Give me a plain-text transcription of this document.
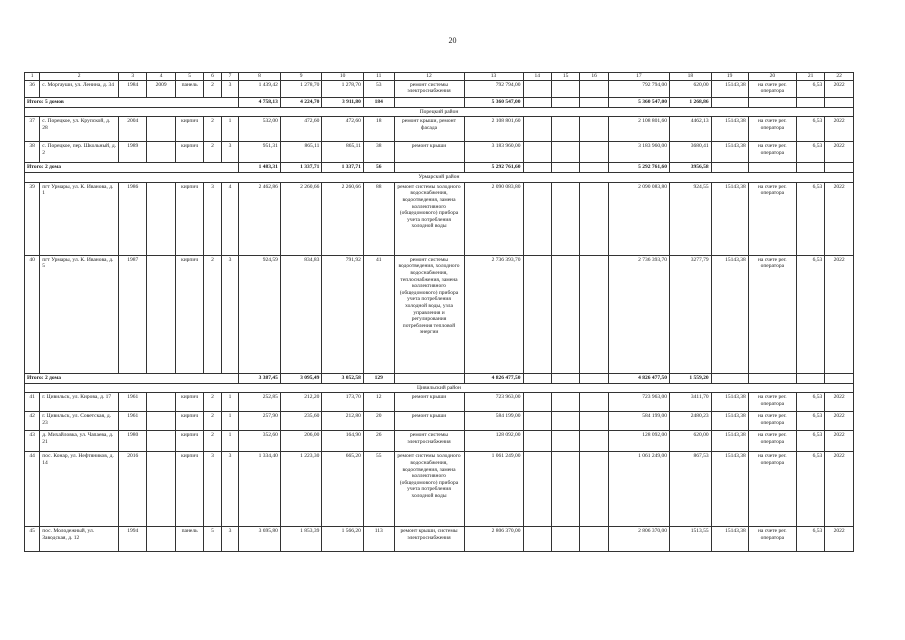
20
1	2	3	4	5	6	7	8	9	10	11	12	13	14	15	16	17	18	19	20	21	22
36	с. Моргауши, ул. Ленина, д. 34	1984	2009	панель	2	3	1 439,42	1 278,70	1 278,70	53	ремонт системы электроснабжения	792 794,00				792 794,00	620,00	15143,38	на счете рег. оператора	6,53	2022
Итого: 5 домов							4 758,13	4 224,70	3 911,80	184		5 360 547,00				5 360 547,00	1 268,86				
Порецкий район																					
37	с. Порецкое, ул. Крупской, д. 28	2004		кирпич	2	1	532,00	472,60	472,60	18	ремонт крыши, ремонт фасада	2 108 801,60				2 108 801,60	4462,13	15143,38	на счете рег. оператора	6,53	2022
38	с. Порецкое, пер. Школьный, д. 2	1989		кирпич	2	3	951,31	865,11	865,11	38	ремонт крыши	3 183 960,00				3 183 960,00	3680,41	15143,38	на счете рег. оператора	6,53	2022
Итого: 2 дома							1 483,31	1 337,71	1 337,71	56		5 292 761,60				5 292 761,60	3956,58				
Урмарский район																					
39	пгт Урмары, ул. К. Иванова, д. 1	1986		кирпич	3	4	2 462,86	2 260,66	2 260,66	88	ремонт системы холодного водоснабжения, водоотведения, замена коллективного (общедомового) прибора учета потребления холодной воды	2 090 083,80				2 090 083,80	924,55	15143,38	на счете рег. оператора	6,53	2022
40	пгт Урмары, ул. К. Иванова, д. 5	1987		кирпич	2	3	924,59	834,83	791,92	41	ремонт системы водоотведения, холодного водоснабжения, теплоснабжения, замена коллективного (общедомового) прибора учета потребления холодной воды, узла управления и регулирования потребления тепловой энергии	2 736 393,70				2 736 393,70	3277,79	15143,38	на счете рег. оператора	6,53	2022
Итого: 2 дома							3 387,45	3 095,49	3 052,58	129		4 826 477,50				4 826 477,50	1 559,20				
Цивильский район																					
41	г. Цивильск, ул. Кирова, д. 17	1961		кирпич	2	1	252,85	212,20	173,70	12	ремонт крыши	723 963,00				723 963,00	3411,70	15143,38	на счете рег. оператора	6,53	2022
42	г. Цивильск, ул. Советская, д. 23	1961		кирпич	2	1	257,90	235,60	212,80	20	ремонт крыши	584 199,00				584 199,00	2480,23	15143,38	на счете рег. оператора	6,53	2022
43	д. Михайловка, ул. Чапаева, д. 21	1980		кирпич	2	1	352,60	206,00	164,90	26	ремонт системы электроснабжения	128 092,00				128 092,00	620,00	15143,38	на счете рег. оператора	6,53	2022
44	пос. Конар, ул. Нефтяников, д. 14	2016		кирпич	3	3	1 334,40	1 223,30	665,20	55	ремонт системы холодного водоснабжения, водоотведения, замена коллективного (общедомового) прибора учета потребления холодной воды	1 061 249,00				1 061 249,00	867,53	15143,38	на счете рег. оператора	6,53	2022
45	пос. Молодежный, ул. Заводская, д. 12	1994		панель	5	3	3 695,80	1 853,39	1 566,20	113	ремонт крыши, системы электроснабжения	2 806 370,00				2 806 370,00	1513,55	15143,38	на счете рег. оператора	6,53	2022
